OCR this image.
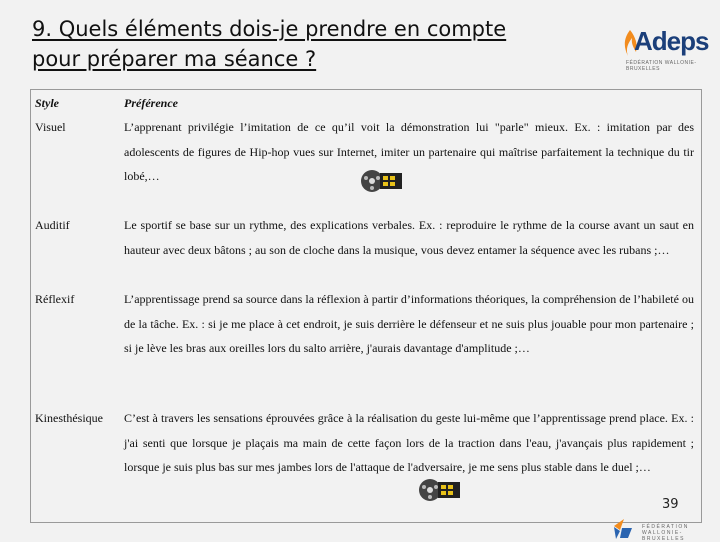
9. Quels éléments dois-je prendre en compte
pour préparer ma séance ?
Adeps
FÉDÉRATION WALLONIE-BRUXELLES
Style	Préférence
Visuel	L’apprenant privilégie l’imitation de ce qu’il voit la démonstration lui "parle" mieux. Ex. : imitation par des adolescents de figures de Hip-hop vues sur Internet, imiter un partenaire qui maîtrise parfaitement la technique du tir lobé,…
Auditif	Le sportif se base sur un rythme, des explications verbales. Ex. : reproduire le rythme de la course avant un saut en hauteur avec deux bâtons ; au son de cloche dans la musique, vous devez entamer la séquence avec les rubans ;…
Réflexif	L’apprentissage prend sa source dans la réflexion à partir d’informations théoriques, la compréhension de l’habileté ou de la tâche. Ex. : si je me place à cet endroit, je suis derrière le défenseur et ne suis plus jouable pour mon partenaire ; si je lève les bras aux oreilles lors du salto arrière, j'aurais davantage d'amplitude ;…
Kinesthésique C’est à travers les sensations éprouvées grâce à la réalisation du geste lui-même que l’apprentissage prend place. Ex. : j'ai senti que lorsque je plaçais ma main de cette façon lors de la traction dans l'eau, j'avançais plus rapidement ; lorsque je suis plus bas sur mes jambes lors de l'attaque de l'adversaire, je me sens plus stable dans le duel ;…
39
FÉDÉRATION WALLONIE-BRUXELLES
